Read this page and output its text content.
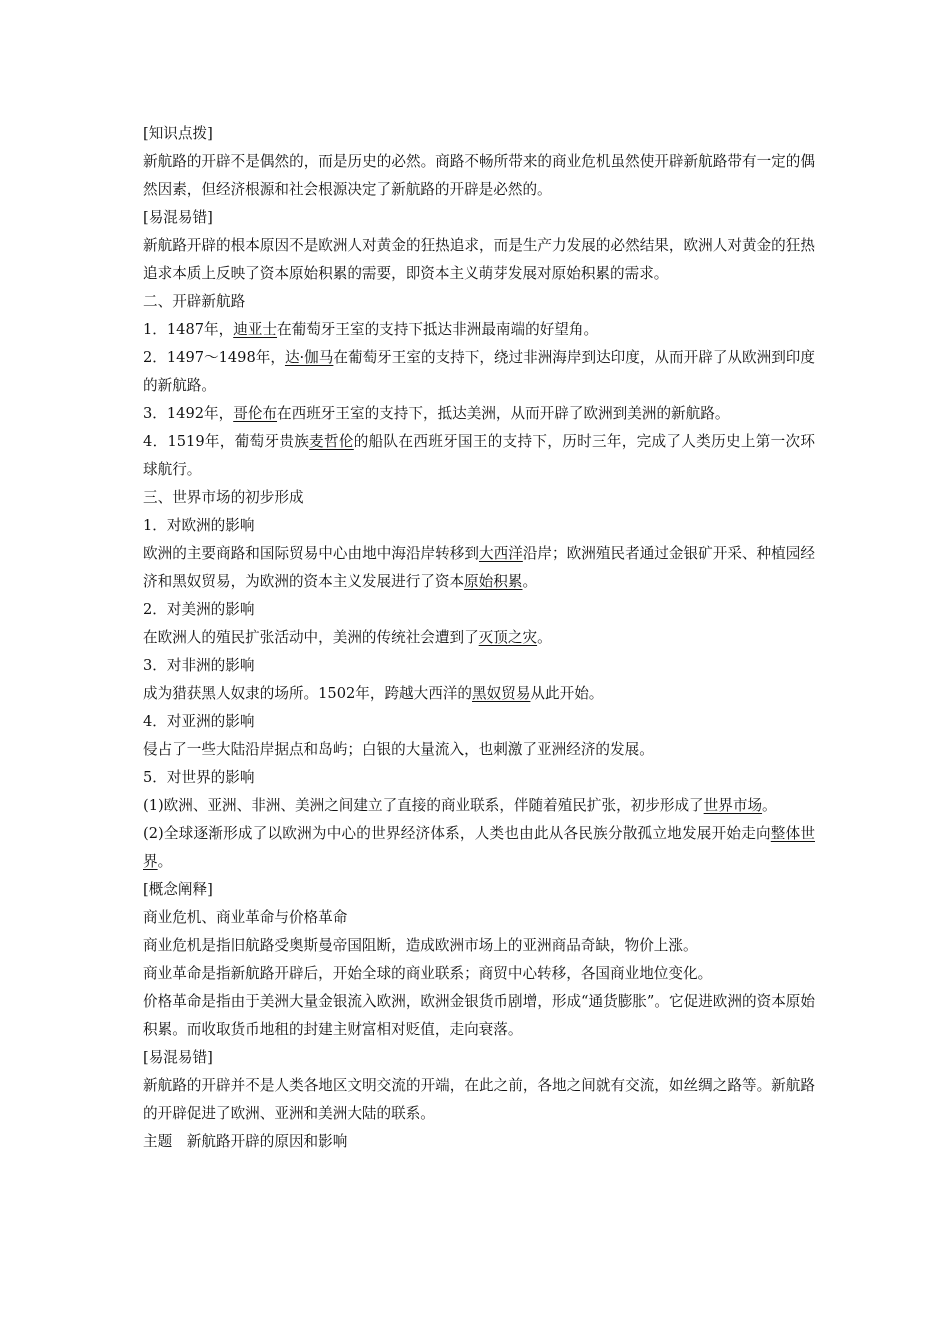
[知识点拨]

新航路的开辟不是偶然的，而是历史的必然。商路不畅所带来的商业危机虽然使开辟新航路带有一定的偶然因素，但经济根源和社会根源决定了新航路的开辟是必然的。

[易混易错]

新航路开辟的根本原因不是欧洲人对黄金的狂热追求，而是生产力发展的必然结果，欧洲人对黄金的狂热追求本质上反映了资本原始积累的需要，即资本主义萌芽发展对原始积累的需求。

二、开辟新航路

1．1487年，迪亚士在葡萄牙王室的支持下抵达非洲最南端的好望角。

2．1497～1498年，达·伽马在葡萄牙王室的支持下，绕过非洲海岸到达印度，从而开辟了从欧洲到印度的新航路。

3．1492年，哥伦布在西班牙王室的支持下，抵达美洲，从而开辟了欧洲到美洲的新航路。

4．1519年，葡萄牙贵族麦哲伦的船队在西班牙国王的支持下，历时三年，完成了人类历史上第一次环球航行。

三、世界市场的初步形成

1．对欧洲的影响

欧洲的主要商路和国际贸易中心由地中海沿岸转移到大西洋沿岸；欧洲殖民者通过金银矿开采、种植园经济和黑奴贸易，为欧洲的资本主义发展进行了资本原始积累。

2．对美洲的影响

在欧洲人的殖民扩张活动中，美洲的传统社会遭到了灭顶之灾。

3．对非洲的影响

成为猎获黑人奴隶的场所。1502年，跨越大西洋的黑奴贸易从此开始。

4．对亚洲的影响

侵占了一些大陆沿岸据点和岛屿；白银的大量流入，也刺激了亚洲经济的发展。

5．对世界的影响

(1)欧洲、亚洲、非洲、美洲之间建立了直接的商业联系，伴随着殖民扩张，初步形成了世界市场。

(2)全球逐渐形成了以欧洲为中心的世界经济体系，人类也由此从各民族分散孤立地发展开始走向整体世界。

[概念阐释]

商业危机、商业革命与价格革命

商业危机是指旧航路受奥斯曼帝国阻断，造成欧洲市场上的亚洲商品奇缺，物价上涨。

商业革命是指新航路开辟后，开始全球的商业联系；商贸中心转移，各国商业地位变化。

价格革命是指由于美洲大量金银流入欧洲，欧洲金银货币剧增，形成“通货膨胀”。它促进欧洲的资本原始积累。而收取货币地租的封建主财富相对贬值，走向衰落。

[易混易错]

新航路的开辟并不是人类各地区文明交流的开端，在此之前，各地之间就有交流，如丝绸之路等。新航路的开辟促进了欧洲、亚洲和美洲大陆的联系。

主题　新航路开辟的原因和影响
